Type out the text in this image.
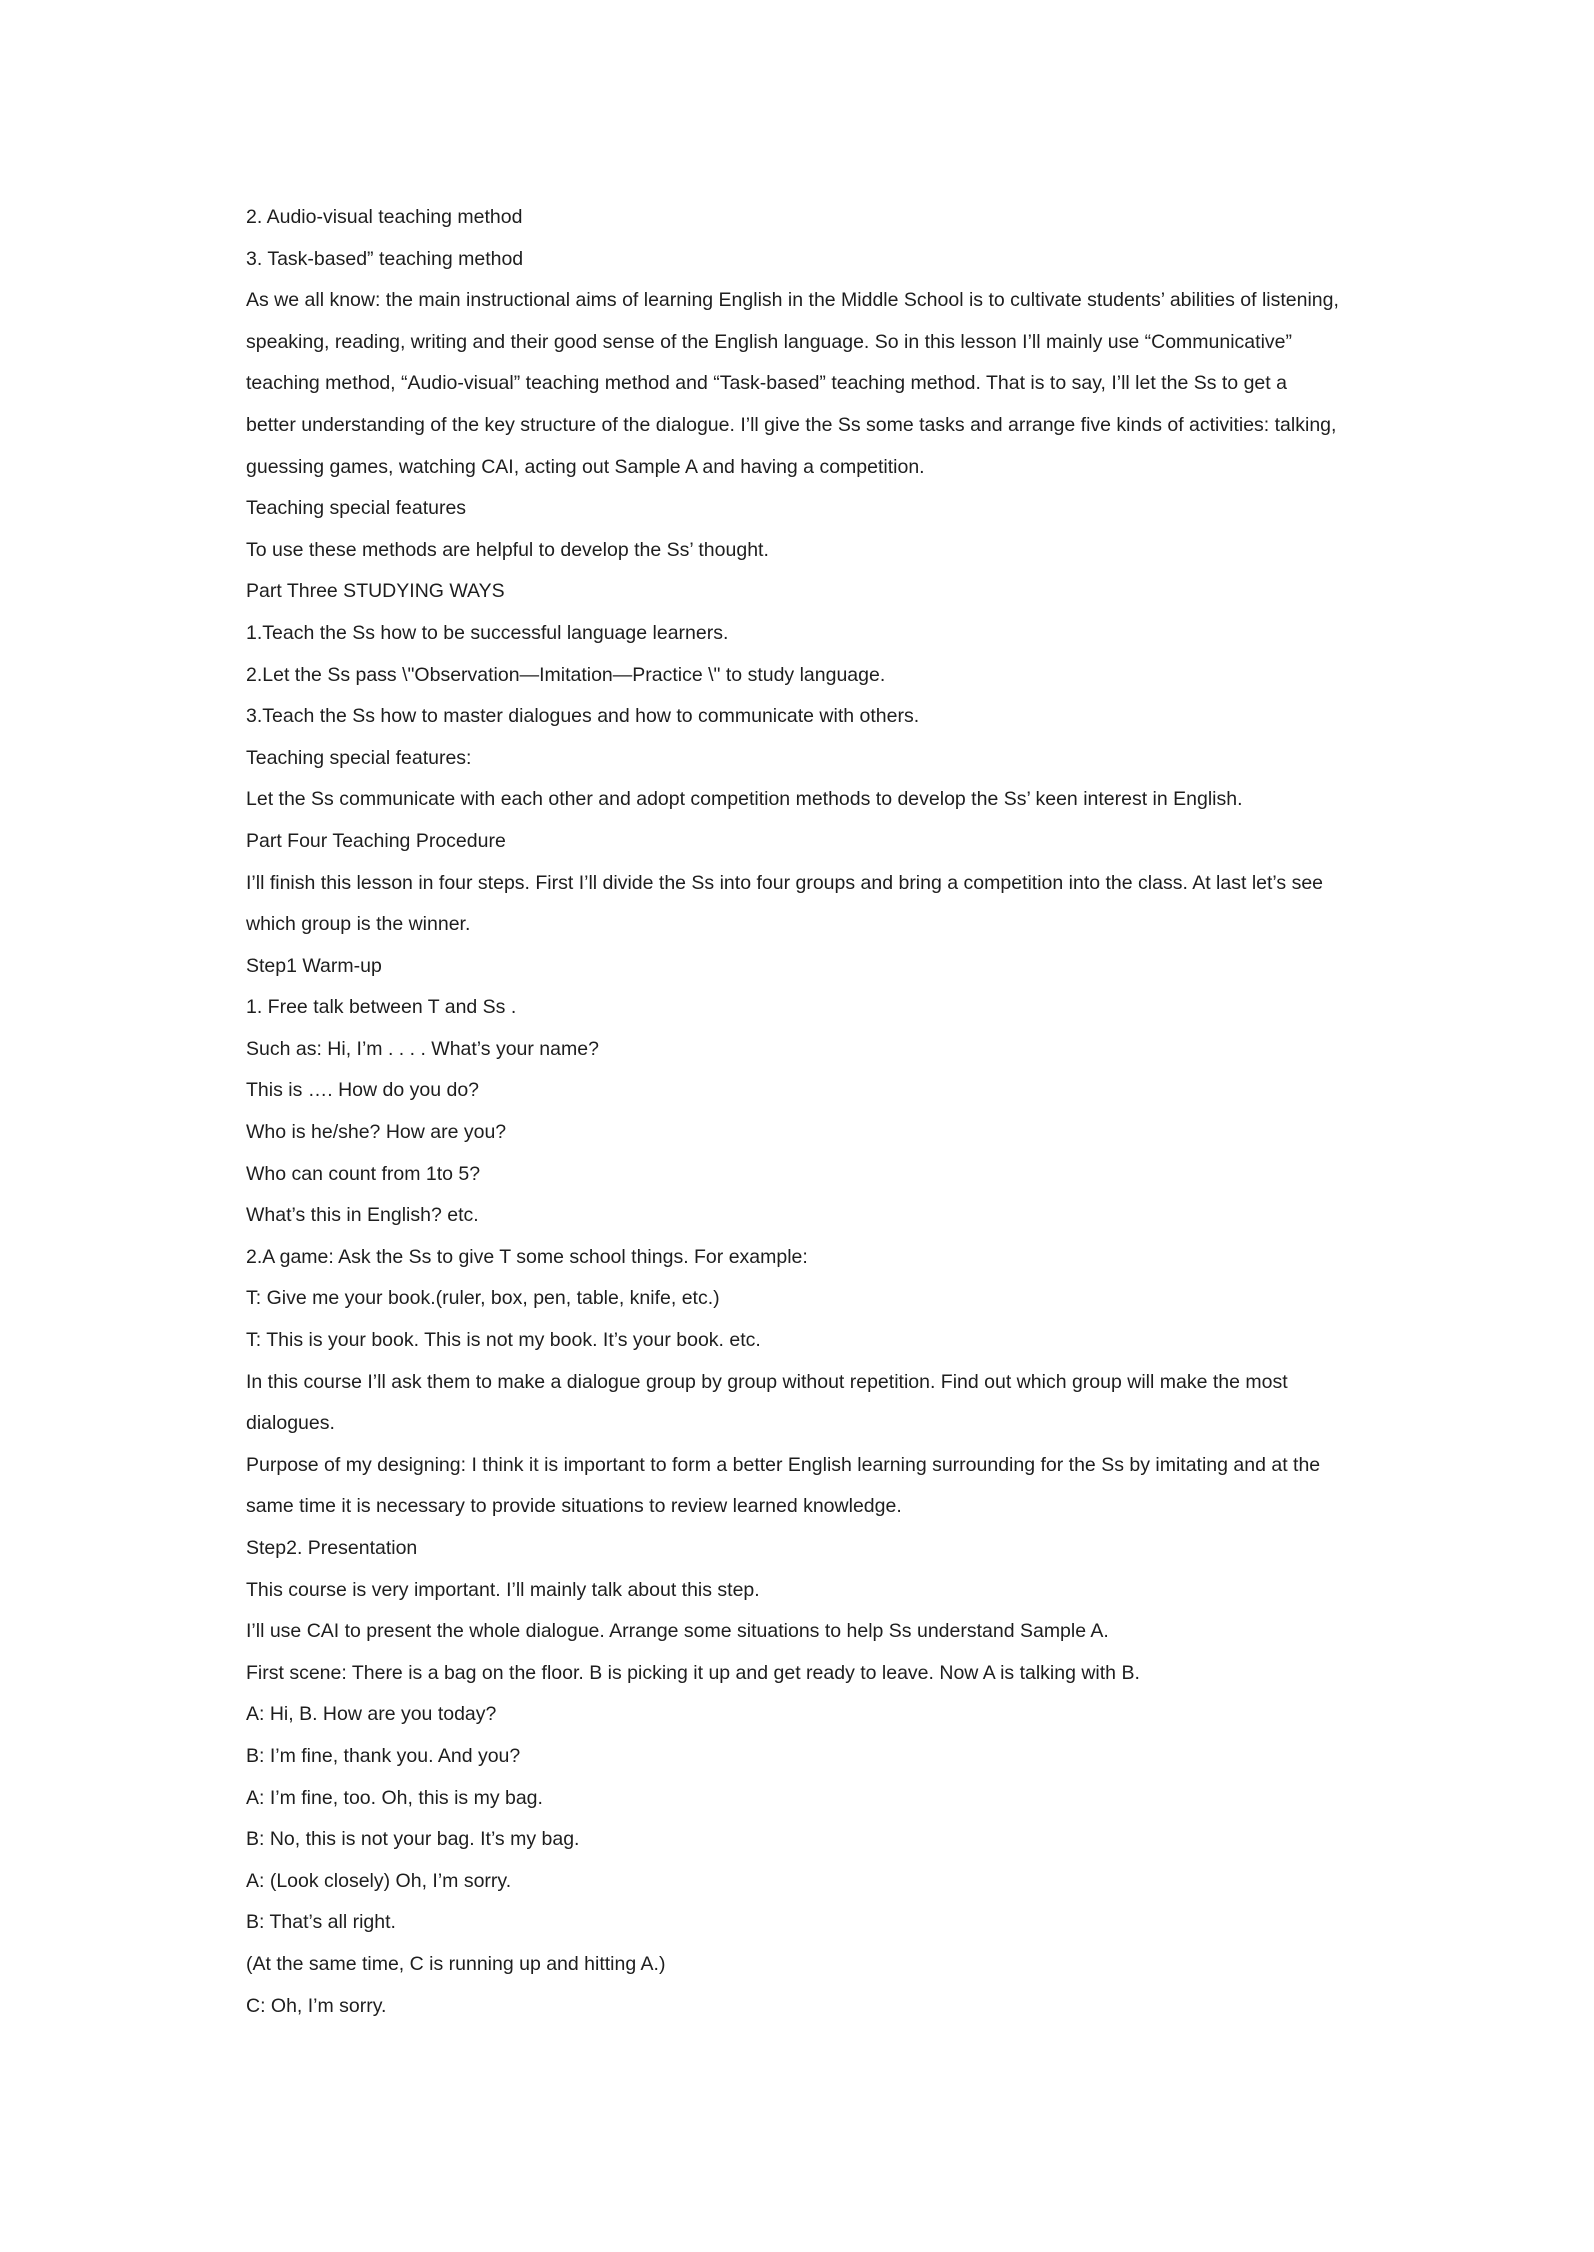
2. Audio-visual teaching method

3. Task-based” teaching method

As we all know: the main instructional aims of learning English in the Middle School is to cultivate students’ abilities of listening,

speaking, reading, writing and their good sense of the English language. So in this lesson I’ll mainly use “Communicative”

teaching method, “Audio-visual” teaching method and “Task-based” teaching method. That is to say, I’ll let the Ss to get a

better understanding of the key structure of the dialogue. I’ll give the Ss some tasks and arrange five kinds of activities: talking,

guessing games, watching CAI, acting out Sample A and having a competition.

Teaching special features

To use these methods are helpful to develop the Ss’ thought.

Part Three STUDYING WAYS

1.Teach the Ss how to be successful language learners.

2.Let the Ss pass \"Observation—Imitation—Practice \" to study language.

3.Teach the Ss how to master dialogues and how to communicate with others.

Teaching special features:

Let the Ss communicate with each other and adopt competition methods to develop the Ss’ keen interest in English.

Part Four Teaching Procedure

I’ll finish this lesson in four steps. First I’ll divide the Ss into four groups and bring a competition into the class. At last let’s see

which group is the winner.

Step1 Warm-up

1. Free talk between T and Ss .

Such as: Hi, I’m . . . . What’s your name?

This is …. How do you do?

Who is he/she? How are you?

Who can count from 1to 5?

What’s this in English? etc.

2.A game: Ask the Ss to give T some school things. For example:

T: Give me your book.(ruler, box, pen, table, knife, etc.)

T: This is your book. This is not my book. It’s your book. etc.

In this course I’ll ask them to make a dialogue group by group without repetition. Find out which group will make the most

dialogues.

Purpose of my designing: I think it is important to form a better English learning surrounding for the Ss by imitating and at the

same time it is necessary to provide situations to review learned knowledge.

Step2. Presentation

This course is very important. I’ll mainly talk about this step.

I’ll use CAI to present the whole dialogue. Arrange some situations to help Ss understand Sample A.

First scene: There is a bag on the floor. B is picking it up and get ready to leave. Now A is talking with B.

A: Hi, B. How are you today?

B: I’m fine, thank you. And you?

A: I’m fine, too. Oh, this is my bag.

B: No, this is not your bag. It’s my bag.

A: (Look closely) Oh, I’m sorry.

B: That’s all right.

(At the same time, C is running up and hitting A.)

C: Oh, I’m sorry.
